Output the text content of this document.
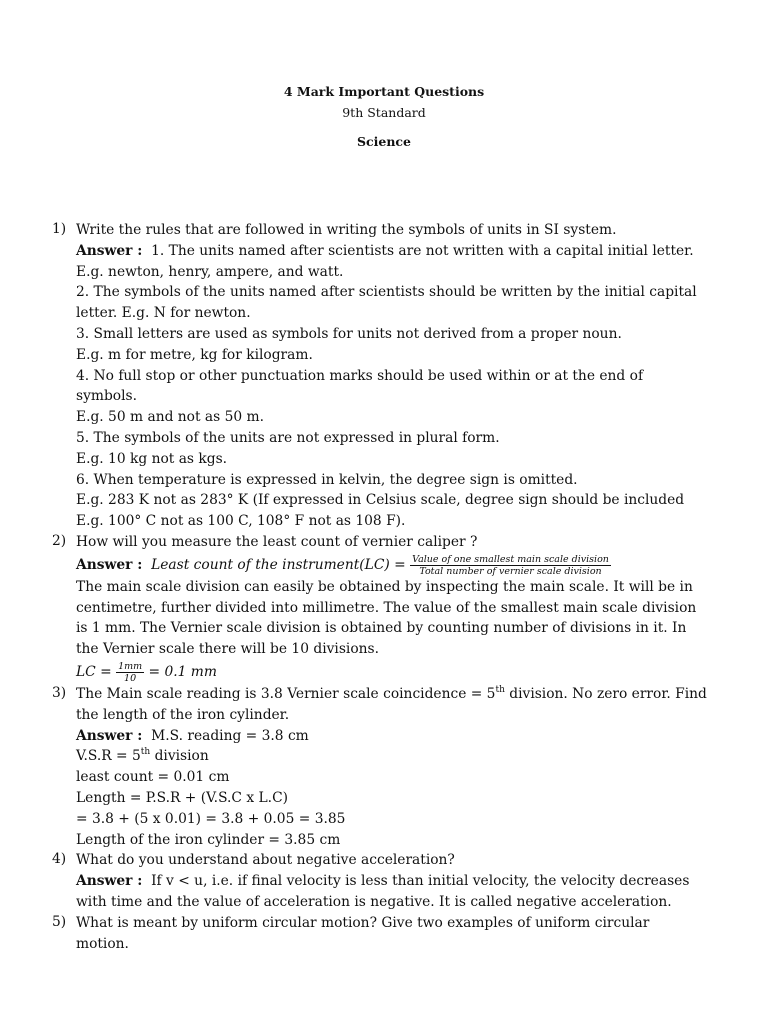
4 Mark Important Questions
9th Standard
Science
1) Write the rules that are followed in writing the symbols of units in SI system.
Answer : 1. The units named after scientists are not written with a capital initial letter.
E.g. newton, henry, ampere, and watt.
2. The symbols of the units named after scientists should be written by the initial capital
letter. E.g. N for newton.
3. Small letters are used as symbols for units not derived from a proper noun.
E.g. m for metre, kg for kilogram.
4. No full stop or other punctuation marks should be used within or at the end of
symbols.
E.g. 50 m and not as 50 m.
5. The symbols of the units are not expressed in plural form.
E.g. 10 kg not as kgs.
6. When temperature is expressed in kelvin, the degree sign is omitted.
E.g. 283 K not as 283° K (If expressed in Celsius scale, degree sign should be included
E.g. 100° C not as 100 C, 108° F not as 108 F).
2) How will you measure the least count of vernier caliper ?
Answer : Least count of the instrument(LC) = $\frac{\text{Value of one smallest main scale division}}{\text{Total number of vernier scale division}}$
The main scale division can easily be obtained by inspecting the main scale. It will be in
centimetre, further divided into millimetre. The value of the smallest main scale division
is 1 mm. The Vernier scale division is obtained by counting number of divisions in it. In
the Vernier scale there will be 10 divisions.
LC = $\frac{1mm}{10} = 0.1$ mm
3) The Main scale reading is 3.8 Vernier scale coincidence = 5th division. No zero error. Find
the length of the iron cylinder.
Answer : M.S. reading = 3.8 cm
V.S.R = 5th division
least count = 0.01 cm
Length = P.S.R + (V.S.C x L.C)
= 3.8 + (5 x 0.01) = 3.8 + 0.05 = 3.85
Length of the iron cylinder = 3.85 cm
4) What do you understand about negative acceleration?
Answer : If v < u, i.e. if final velocity is less than initial velocity, the velocity decreases
with time and the value of acceleration is negative. It is called negative acceleration.
5) What is meant by uniform circular motion? Give two examples of uniform circular
motion.
